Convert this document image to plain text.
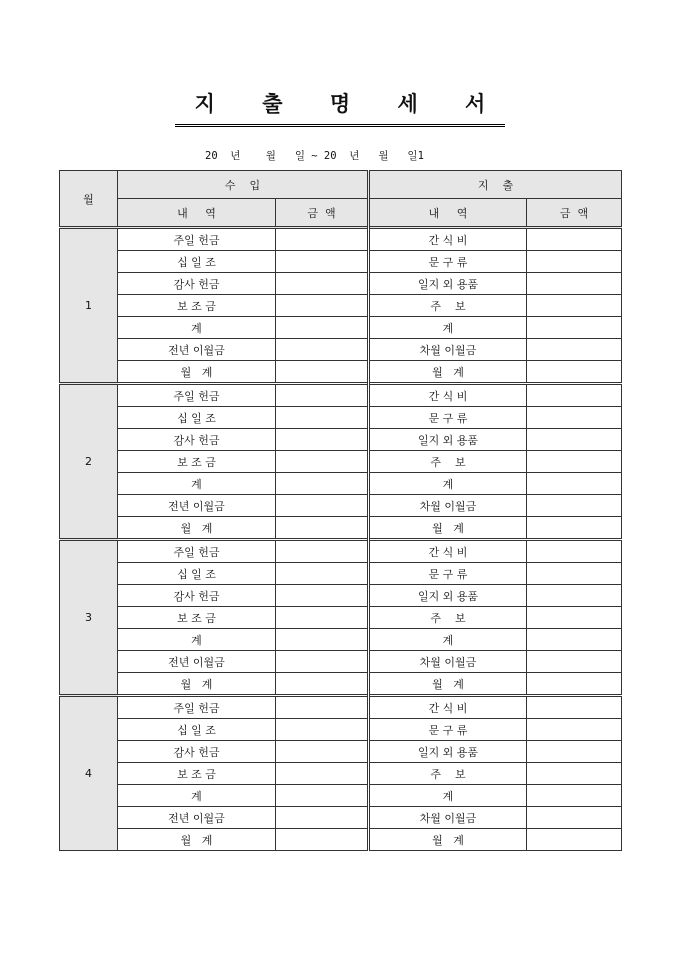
지 출 명 세 서
20  년    월   일 ~ 20  년   월   일1
월	수    입		지    출	
	내     역	금  액	내     역	금  액
1	주일 헌금		간 식 비	
	십 일 조		문 구 류	
	감사 헌금		일지 외 용품	
	보 조 금		주    보	
	계		계	
	전년 이월금		차월 이월금	
	월   계		월   계	
2	주일 헌금		간 식 비	
	십 일 조		문 구 류	
	감사 헌금		일지 외 용품	
	보 조 금		주    보	
	계		계	
	전년 이월금		차월 이월금	
	월   계		월   계	
3	주일 헌금		간 식 비	
	십 일 조		문 구 류	
	감사 헌금		일지 외 용품	
	보 조 금		주    보	
	계		계	
	전년 이월금		차월 이월금	
	월   계		월   계	
4	주일 헌금		간 식 비	
	십 일 조		문 구 류	
	감사 헌금		일지 외 용품	
	보 조 금		주    보	
	계		계	
	전년 이월금		차월 이월금	
	월   계		월   계	
